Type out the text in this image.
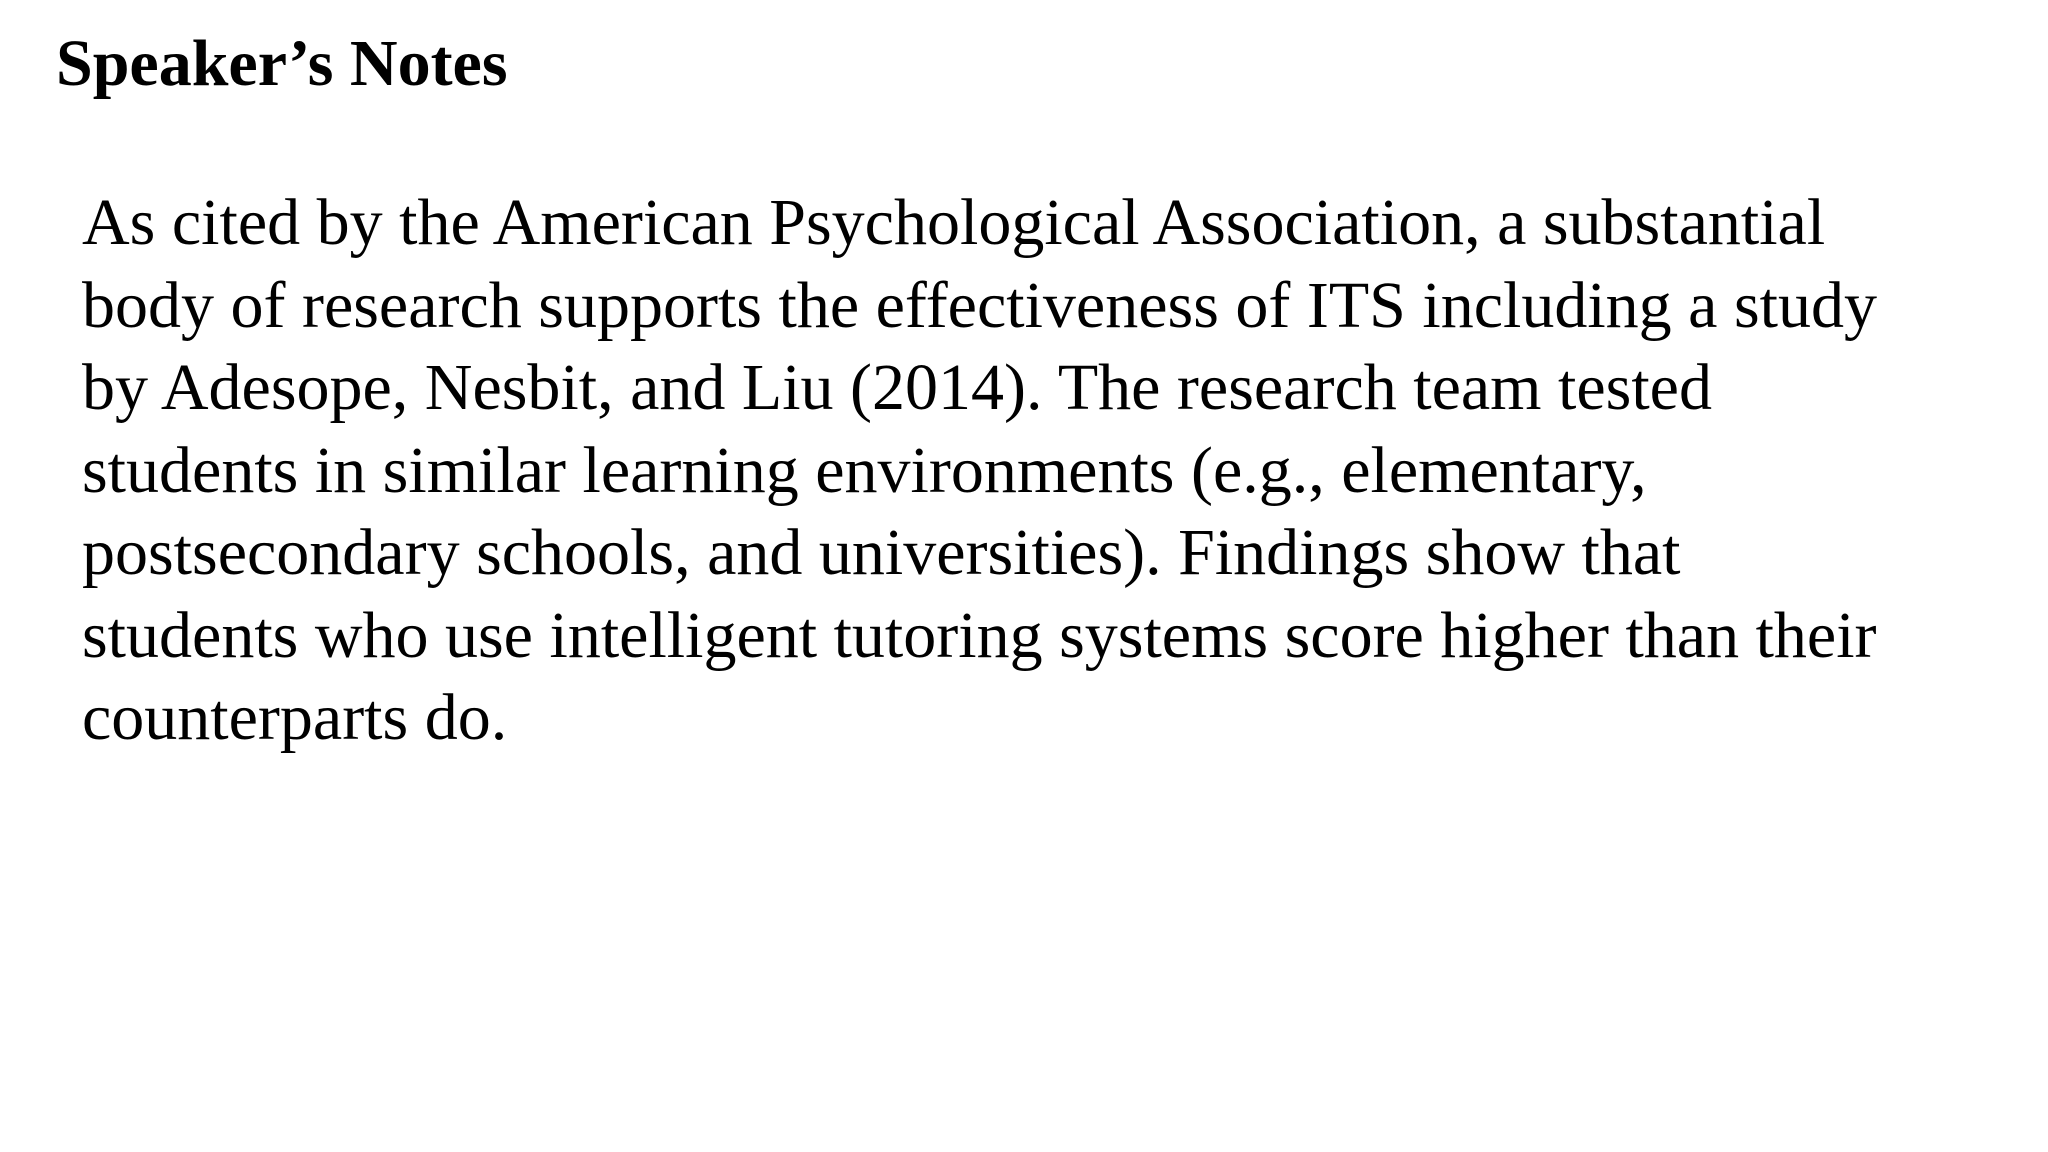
Speaker’s Notes

As cited by the American Psychological Association, a substantial
body of research supports the effectiveness of ITS including a study
by Adesope, Nesbit, and Liu (2014). The research team tested
students in similar learning environments (e.g., elementary,
postsecondary schools, and universities). Findings show that
students who use intelligent tutoring systems score higher than their
counterparts do.
